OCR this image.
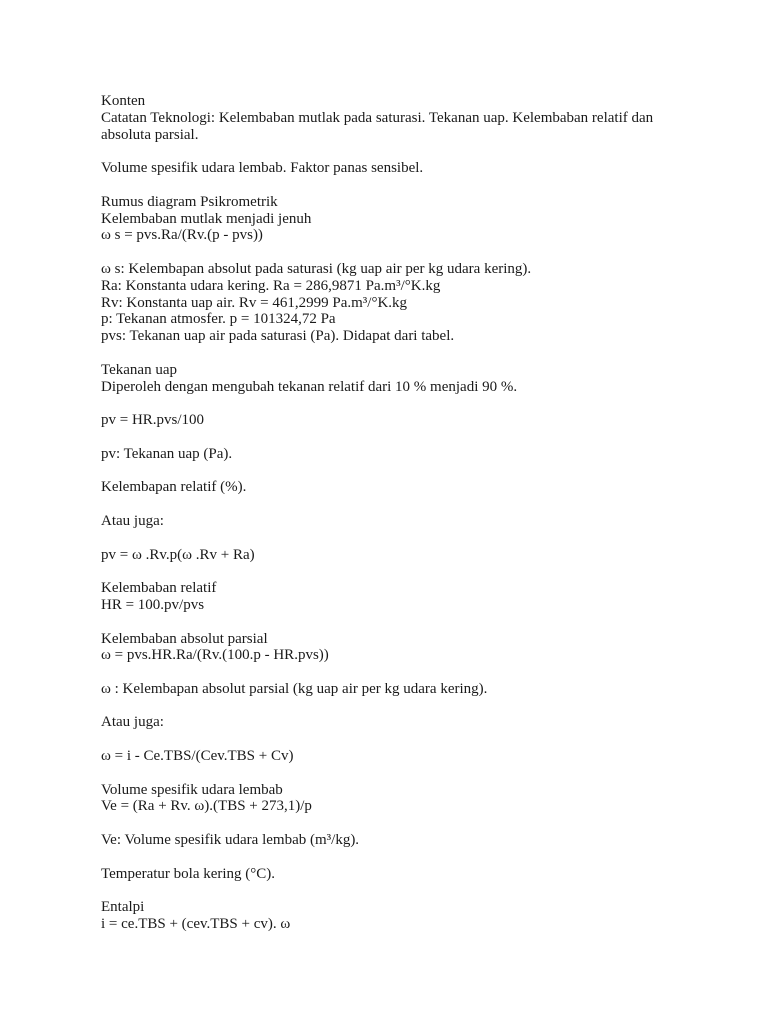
Konten

Catatan Teknologi: Kelembaban mutlak pada saturasi. Tekanan uap. Kelembaban relatif dan

absoluta parsial.

Volume spesifik udara lembab. Faktor panas sensibel.

Rumus diagram Psikrometrik

Kelembaban mutlak menjadi jenuh

ω s = pvs.Ra/(Rv.(p - pvs))

ω s: Kelembapan absolut pada saturasi (kg uap air per kg udara kering).

Ra: Konstanta udara kering. Ra = 286,9871 Pa.m³/°K.kg

Rv: Konstanta uap air. Rv = 461,2999 Pa.m³/°K.kg

p: Tekanan atmosfer. p = 101324,72 Pa

pvs: Tekanan uap air pada saturasi (Pa). Didapat dari tabel.

Tekanan uap

Diperoleh dengan mengubah tekanan relatif dari 10 % menjadi 90 %.

pv = HR.pvs/100

pv: Tekanan uap (Pa).

Kelembapan relatif (%).

Atau juga:

pv = ω .Rv.p(ω .Rv + Ra)

Kelembaban relatif

HR = 100.pv/pvs

Kelembaban absolut parsial

ω = pvs.HR.Ra/(Rv.(100.p - HR.pvs))

ω : Kelembapan absolut parsial (kg uap air per kg udara kering).

Atau juga:

ω = i - Ce.TBS/(Cev.TBS + Cv)

Volume spesifik udara lembab

Ve = (Ra + Rv. ω).(TBS + 273,1)/p

Ve: Volume spesifik udara lembab (m³/kg).

Temperatur bola kering (°C).

Entalpi

i = ce.TBS + (cev.TBS + cv). ω
